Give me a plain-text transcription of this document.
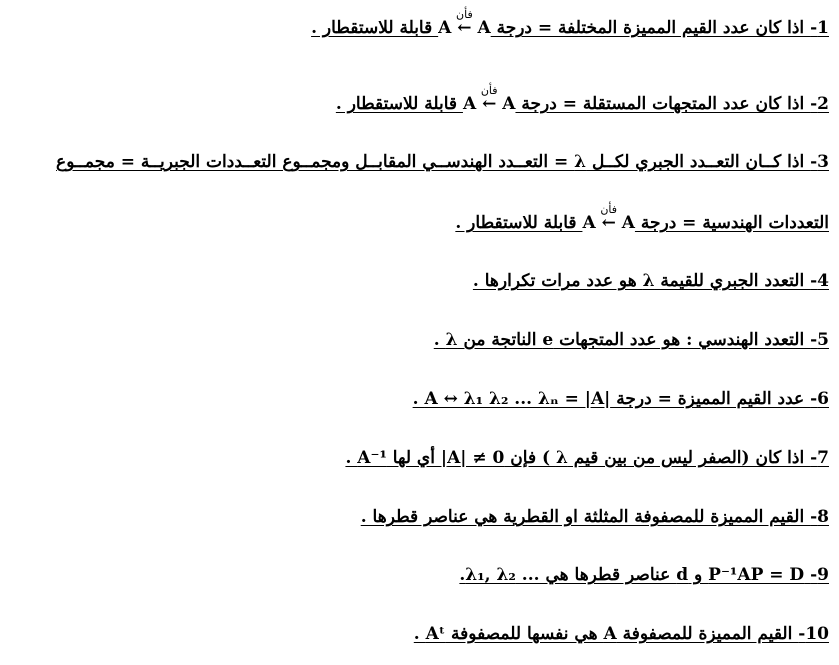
1- اذا كان عدد القيم المميزة المختلفة = درجة A ←
فأن
A قابلة للاستقطار .
2- اذا كان عدد المتجهات المستقلة = درجة A ←
فأن
A قابلة للاستقطار .
3- اذا كــان التعــدد الجبري لكــل λ = التعــدد الهندســي المقابــل ومجمــوع التعــددات الجبريــة = مجمــوع
التعددات الهندسية = درجة A ←
فأن
A قابلة للاستقطار .
4- التعدد الجبري للقيمة λ هو عدد مرات تكرارها .
5- التعدد الهندسي : هو عدد المتجهات e الناتجة من λ .
6- عدد القيم المميزة = درجة A ↔ λ₁ λ₂ ... λₙ = |A| .
7- اذا كان (الصفر ليس من بين قيم λ ) فإن 0 ≠ |A| أي لها A⁻¹ .
8- القيم المميزة للمصفوفة المثلثة او القطرية هي عناصر قطرها .
9- P⁻¹AP = D و d عناصر قطرها هي ... λ₁, λ₂.
10- القيم المميزة للمصفوفة A هي نفسها للمصفوفة Aᵗ .
